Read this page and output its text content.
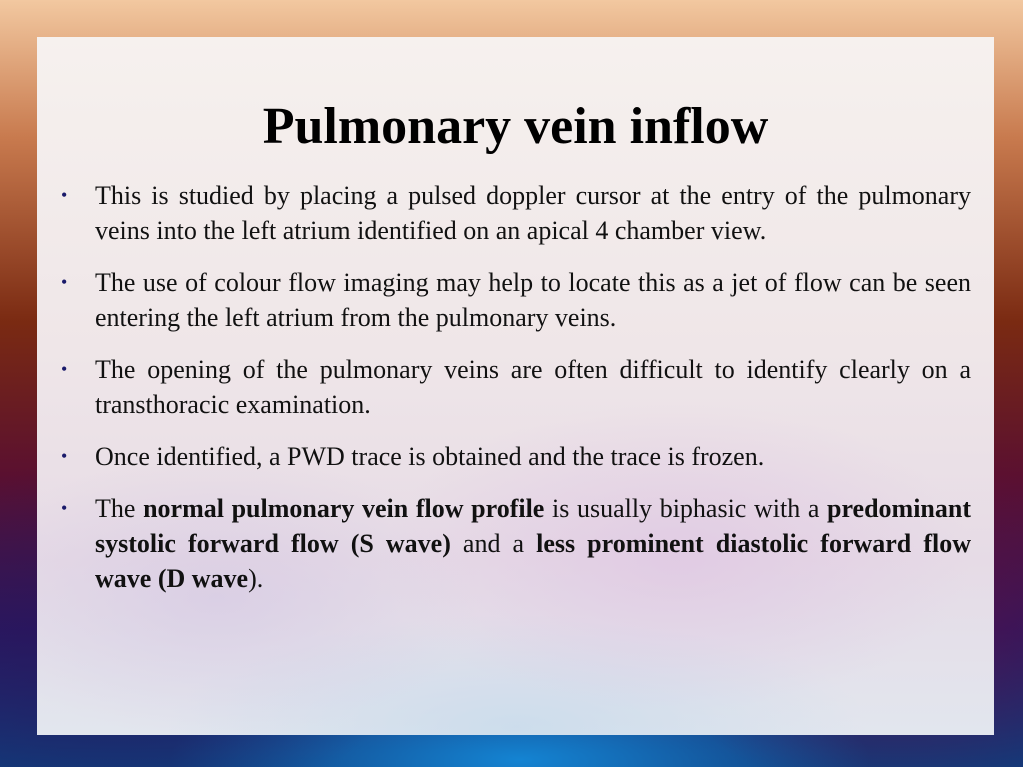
Pulmonary vein inflow
• This is studied by placing a pulsed doppler cursor at the entry of the pulmonary veins into the left atrium identified on an apical 4 chamber view.
• The use of colour flow imaging may help to locate this as a jet of flow can be seen entering the left atrium from the pulmonary veins.
• The opening of the pulmonary veins are often difficult to identify clearly on a transthoracic examination.
• Once identified, a PWD trace is obtained and the trace is frozen.
• The normal pulmonary vein flow profile is usually biphasic with a predominant systolic forward flow (S wave) and a less prominent diastolic forward flow wave (D wave).
